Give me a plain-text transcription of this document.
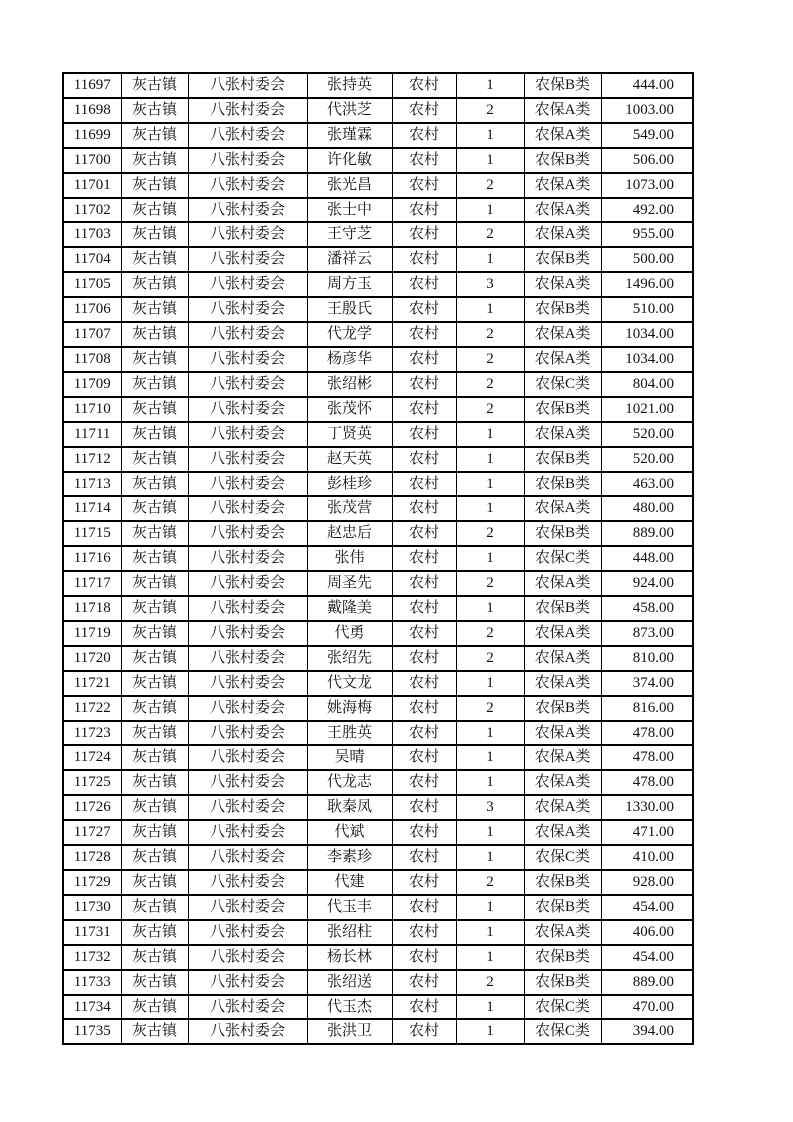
11697	灰古镇	八张村委会	张持英	农村	1	农保B类	444.00
11698	灰古镇	八张村委会	代洪芝	农村	2	农保A类	1003.00
11699	灰古镇	八张村委会	张瑾霖	农村	1	农保A类	549.00
11700	灰古镇	八张村委会	许化敏	农村	1	农保B类	506.00
11701	灰古镇	八张村委会	张光昌	农村	2	农保A类	1073.00
11702	灰古镇	八张村委会	张士中	农村	1	农保A类	492.00
11703	灰古镇	八张村委会	王守芝	农村	2	农保A类	955.00
11704	灰古镇	八张村委会	潘祥云	农村	1	农保B类	500.00
11705	灰古镇	八张村委会	周方玉	农村	3	农保A类	1496.00
11706	灰古镇	八张村委会	王殷氏	农村	1	农保B类	510.00
11707	灰古镇	八张村委会	代龙学	农村	2	农保A类	1034.00
11708	灰古镇	八张村委会	杨彦华	农村	2	农保A类	1034.00
11709	灰古镇	八张村委会	张绍彬	农村	2	农保C类	804.00
11710	灰古镇	八张村委会	张茂怀	农村	2	农保B类	1021.00
11711	灰古镇	八张村委会	丁贤英	农村	1	农保A类	520.00
11712	灰古镇	八张村委会	赵天英	农村	1	农保B类	520.00
11713	灰古镇	八张村委会	彭桂珍	农村	1	农保B类	463.00
11714	灰古镇	八张村委会	张茂营	农村	1	农保A类	480.00
11715	灰古镇	八张村委会	赵忠后	农村	2	农保B类	889.00
11716	灰古镇	八张村委会	张伟	农村	1	农保C类	448.00
11717	灰古镇	八张村委会	周圣先	农村	2	农保A类	924.00
11718	灰古镇	八张村委会	戴隆美	农村	1	农保B类	458.00
11719	灰古镇	八张村委会	代勇	农村	2	农保A类	873.00
11720	灰古镇	八张村委会	张绍先	农村	2	农保A类	810.00
11721	灰古镇	八张村委会	代文龙	农村	1	农保A类	374.00
11722	灰古镇	八张村委会	姚海梅	农村	2	农保B类	816.00
11723	灰古镇	八张村委会	王胜英	农村	1	农保A类	478.00
11724	灰古镇	八张村委会	吴晴	农村	1	农保A类	478.00
11725	灰古镇	八张村委会	代龙志	农村	1	农保A类	478.00
11726	灰古镇	八张村委会	耿秦凤	农村	3	农保A类	1330.00
11727	灰古镇	八张村委会	代斌	农村	1	农保A类	471.00
11728	灰古镇	八张村委会	李素珍	农村	1	农保C类	410.00
11729	灰古镇	八张村委会	代建	农村	2	农保B类	928.00
11730	灰古镇	八张村委会	代玉丰	农村	1	农保B类	454.00
11731	灰古镇	八张村委会	张绍柱	农村	1	农保A类	406.00
11732	灰古镇	八张村委会	杨长林	农村	1	农保B类	454.00
11733	灰古镇	八张村委会	张绍送	农村	2	农保B类	889.00
11734	灰古镇	八张村委会	代玉杰	农村	1	农保C类	470.00
11735	灰古镇	八张村委会	张洪卫	农村	1	农保C类	394.00
